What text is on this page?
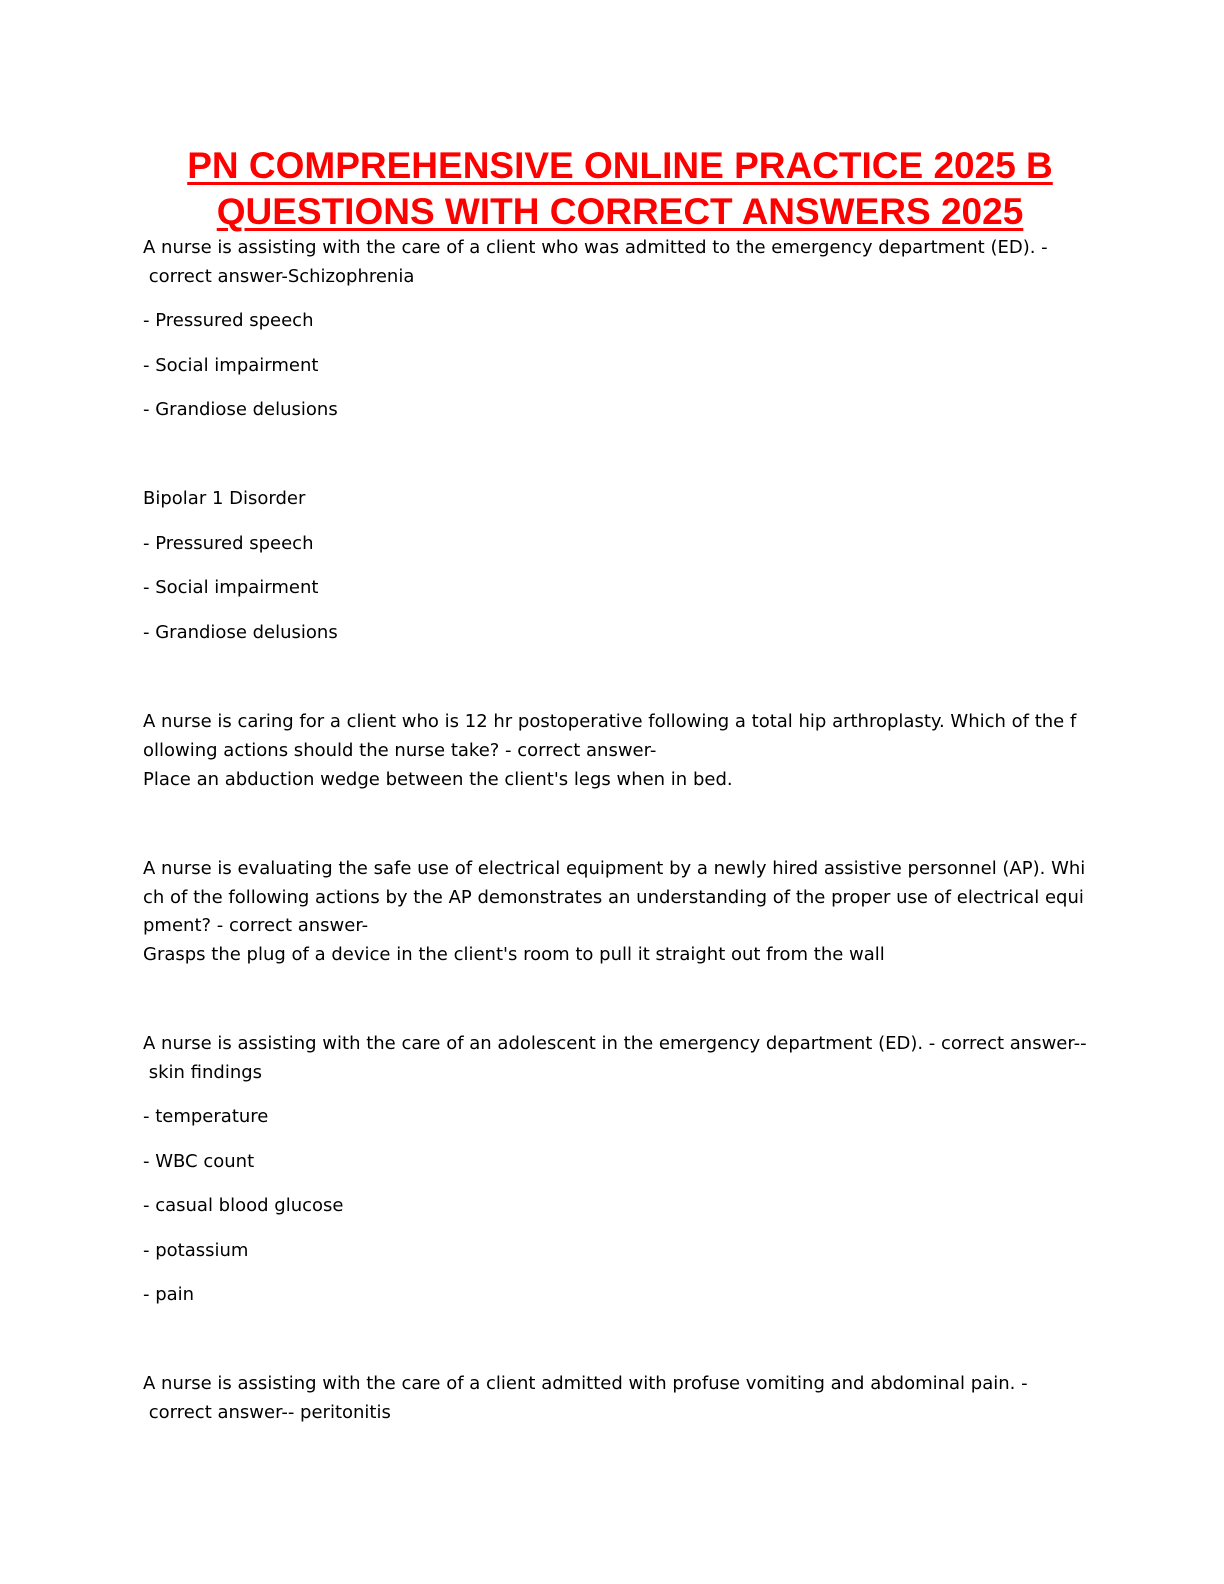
PN COMPREHENSIVE ONLINE PRACTICE 2025 B
QUESTIONS WITH CORRECT ANSWERS 2025
A nurse is assisting with the care of a client who was admitted to the emergency department (ED). -
correct answer-Schizophrenia
- Pressured speech
- Social impairment
- Grandiose delusions
Bipolar 1 Disorder
- Pressured speech
- Social impairment
- Grandiose delusions
A nurse is caring for a client who is 12 hr postoperative following a total hip arthroplasty. Which of the f
ollowing actions should the nurse take? - correct answer-
Place an abduction wedge between the client's legs when in bed.
A nurse is evaluating the safe use of electrical equipment by a newly hired assistive personnel (AP). Whi
ch of the following actions by the AP demonstrates an understanding of the proper use of electrical equi
pment? - correct answer-
Grasps the plug of a device in the client's room to pull it straight out from the wall
A nurse is assisting with the care of an adolescent in the emergency department (ED). - correct answer--
skin findings
- temperature
- WBC count
- casual blood glucose
- potassium
- pain
A nurse is assisting with the care of a client admitted with profuse vomiting and abdominal pain. -
correct answer-- peritonitis
